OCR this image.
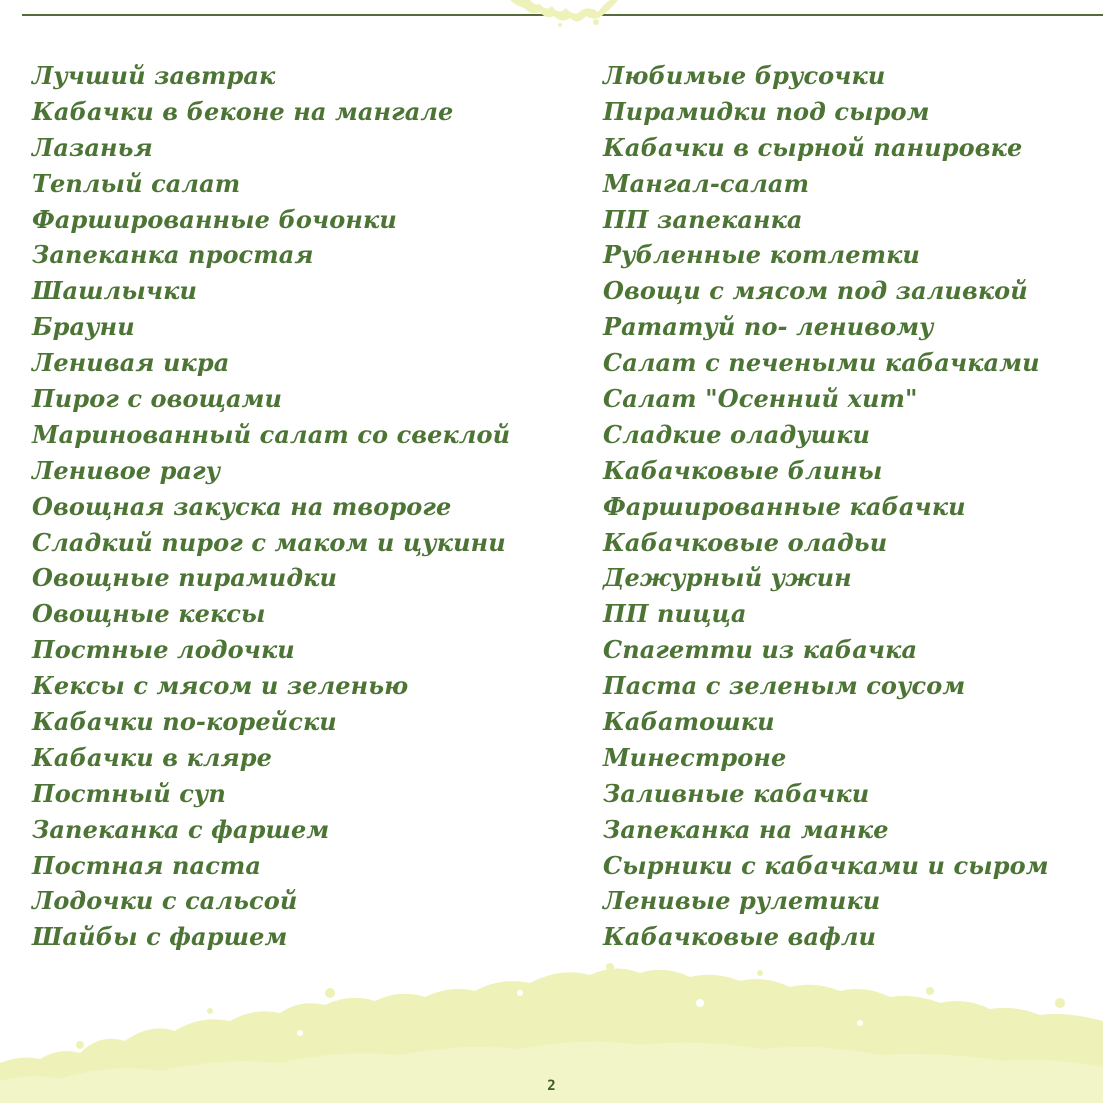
Лучший завтрак
Кабачки в беконе на мангале
Лазанья
Теплый салат
Фаршированные бочонки
Запеканка простая
Шашлычки
Брауни
Ленивая икра
Пирог с овощами
Маринованный салат со свеклой
Ленивое рагу
Овощная закуска на твороге
Сладкий пирог с маком и цукини
Овощные пирамидки
Овощные кексы
Постные лодочки
Кексы с мясом и зеленью
Кабачки по-корейски
Кабачки в кляре
Постный суп
Запеканка с фаршем
Постная паста
Лодочки с сальсой
Шайбы с фаршем
Любимые брусочки
Пирамидки под сыром
Кабачки в сырной панировке
Мангал-салат
ПП запеканка
Рубленные котлетки
Овощи с мясом под заливкой
Рататуй по- ленивому
Салат с печеными кабачками
Салат "Осенний хит"
Сладкие оладушки
Кабачковые блины
Фаршированные кабачки
Кабачковые оладьи
Дежурный ужин
ПП пицца
Спагетти из кабачка
Паста с зеленым соусом
Кабатошки
Минестроне
Заливные кабачки
Запеканка на манке
Сырники с кабачками и сыром
Ленивые рулетики
Кабачковые вафли
2
